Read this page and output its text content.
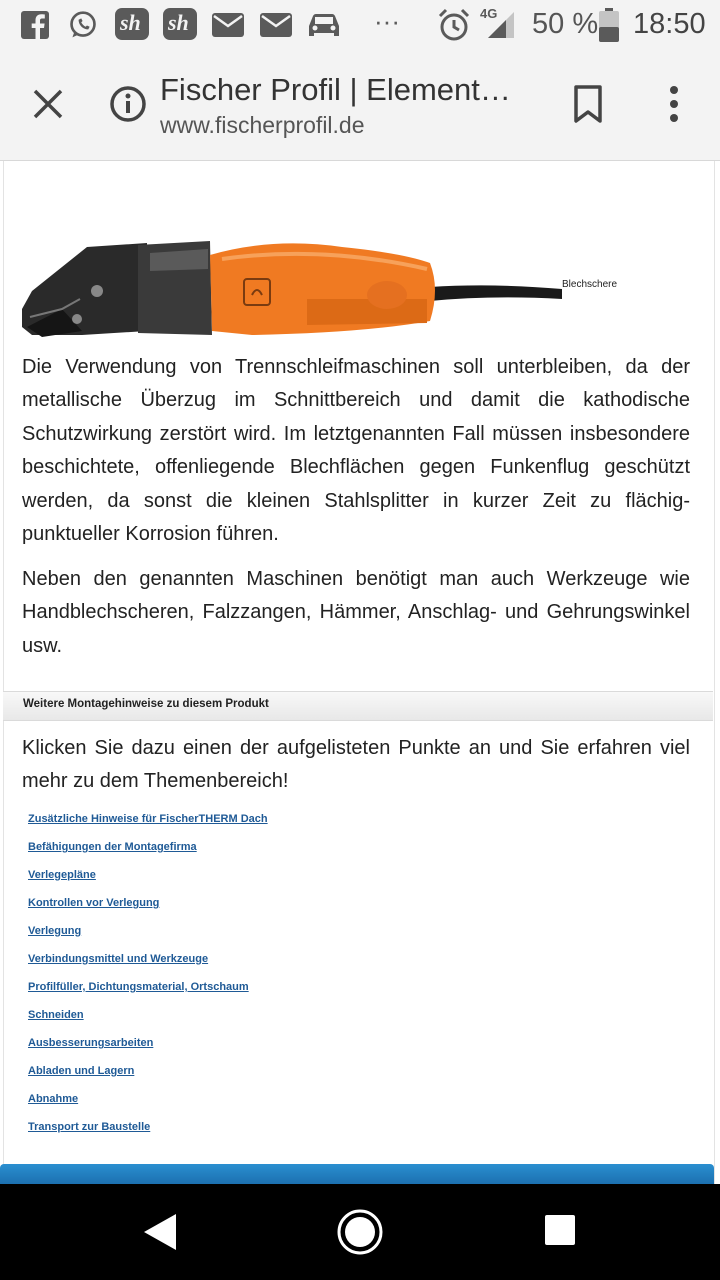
sh sh	···	4G 50 % 18:50
Fischer Profil | Element…
www.fischerprofil.de
Blechschere

Die Verwendung von Trennschleifmaschinen soll unterbleiben, da der metallische Überzug im Schnittbereich und damit die kathodische Schutzwirkung zerstört wird. Im letztgenannten Fall müssen insbesondere beschichtete, offenliegende Blechflächen gegen Funkenflug geschützt werden, da sonst die kleinen Stahlsplitter in kurzer Zeit zu flächig-punktueller Korrosion führen.

Neben den genannten Maschinen benötigt man auch Werkzeuge wie Handblechscheren, Falzzangen, Hämmer, Anschlag- und Gehrungswinkel usw.

Weitere Montagehinweise zu diesem Produkt

Klicken Sie dazu einen der aufgelisteten Punkte an und Sie erfahren viel mehr zu dem Themenbereich!

Zusätzliche Hinweise für FischerTHERM Dach
Befähigungen der Montagefirma
Verlegepläne
Kontrollen vor Verlegung
Verlegung
Verbindungsmittel und Werkzeuge
Profilfüller, Dichtungsmaterial, Ortschaum
Schneiden
Ausbesserungsarbeiten
Abladen und Lagern
Abnahme
Transport zur Baustelle
